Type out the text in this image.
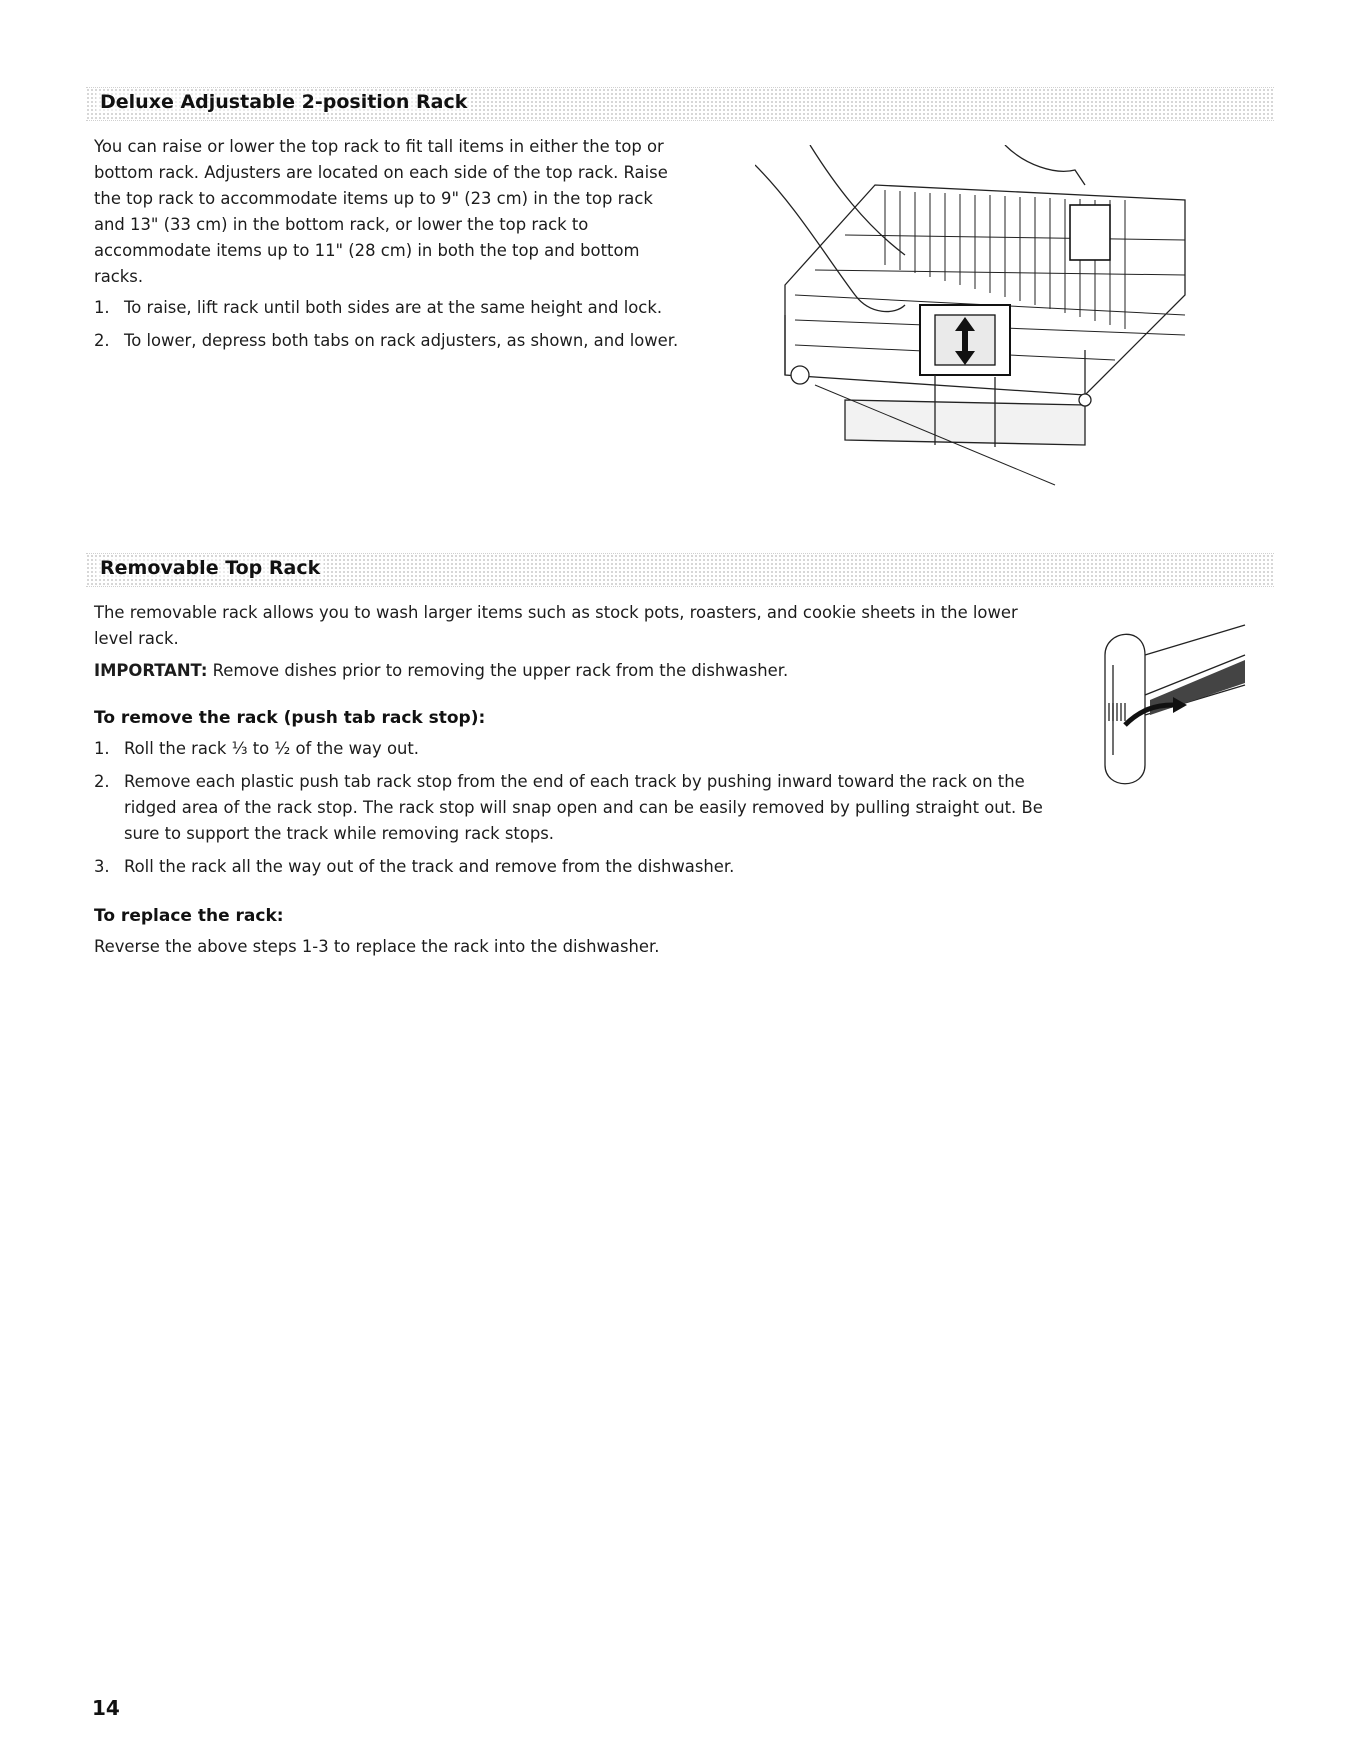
Deluxe Adjustable 2-position Rack

You can raise or lower the top rack to fit tall items in either the top or bottom rack. Adjusters are located on each side of the top rack. Raise the top rack to accommodate items up to 9" (23 cm) in the top rack and 13" (33 cm) in the bottom rack, or lower the top rack to accommodate items up to 11" (28 cm) in both the top and bottom racks.

1. To raise, lift rack until both sides are at the same height and lock.
2. To lower, depress both tabs on rack adjusters, as shown, and lower.
Removable Top Rack

The removable rack allows you to wash larger items such as stock pots, roasters, and cookie sheets in the lower level rack.

IMPORTANT: Remove dishes prior to removing the upper rack from the dishwasher.

To remove the rack (push tab rack stop):
1. Roll the rack ⅓ to ½ of the way out.
2. Remove each plastic push tab rack stop from the end of each track by pushing inward toward the rack on the ridged area of the rack stop. The rack stop will snap open and can be easily removed by pulling straight out. Be sure to support the track while removing rack stops.
3. Roll the rack all the way out of the track and remove from the dishwasher.
To replace the rack:

Reverse the above steps 1-3 to replace the rack into the dishwasher.

14
